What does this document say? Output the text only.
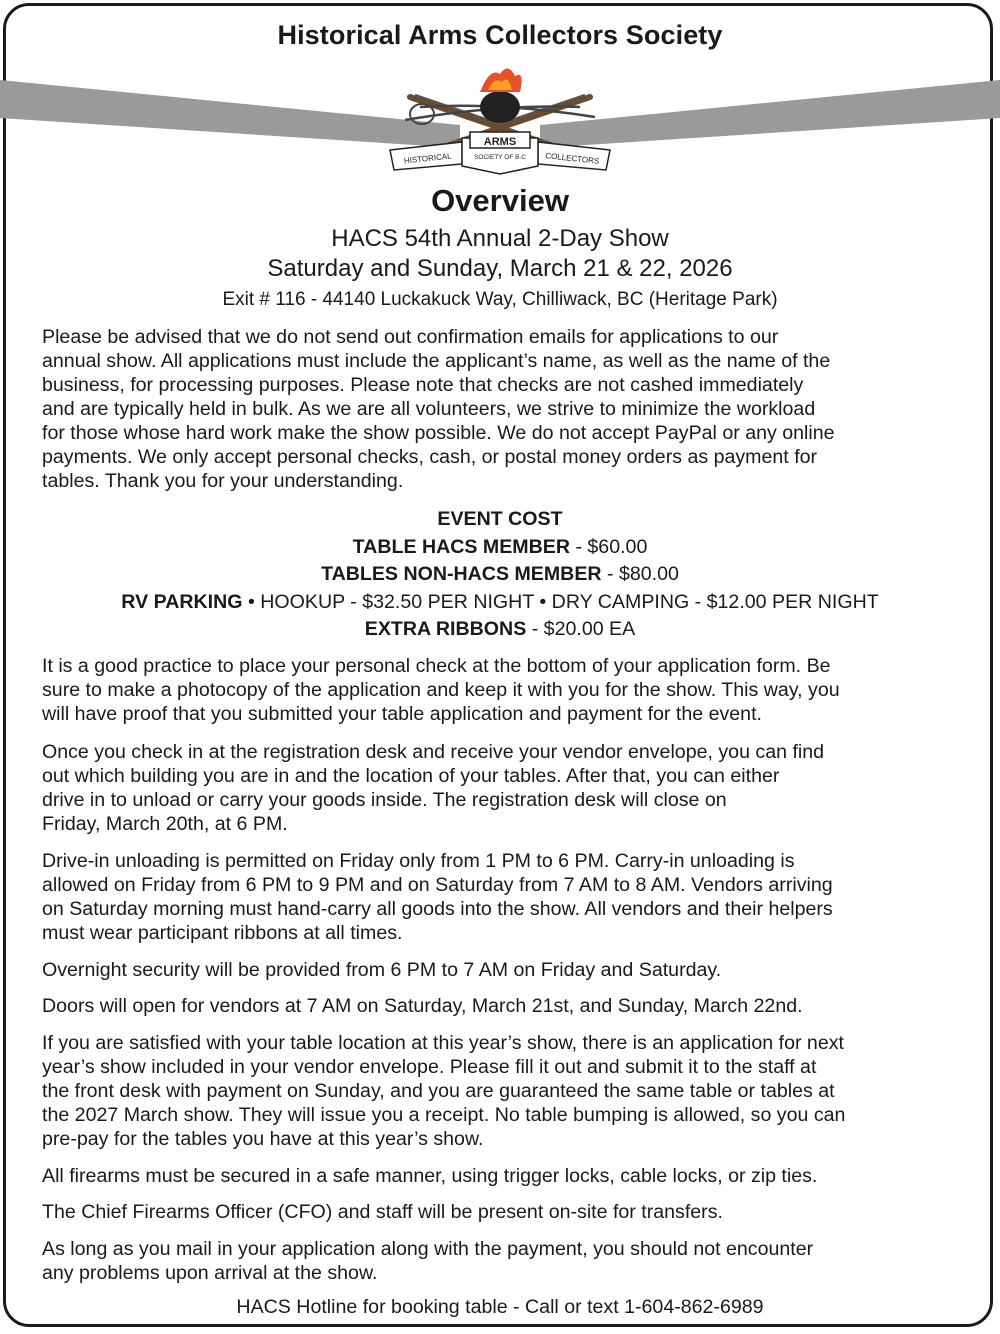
Historical Arms Collectors Society
ARMS
HISTORICAL	COLLECTORS
SOCIETY OF B.C
Overview
HACS 54th Annual 2-Day Show
Saturday and Sunday, March 21 & 22, 2026
Exit # 116 - 44140 Luckakuck Way, Chilliwack, BC (Heritage Park)

Please be advised that we do not send out confirmation emails for applications to our
annual show. All applications must include the applicant’s name, as well as the name of the
business, for processing purposes. Please note that checks are not cashed immediately
and are typically held in bulk. As we are all volunteers, we strive to minimize the workload
for those whose hard work make the show possible. We do not accept PayPal or any online
payments. We only accept personal checks, cash, or postal money orders as payment for
tables. Thank you for your understanding.

EVENT COST
TABLE HACS MEMBER - $60.00
TABLES NON-HACS MEMBER - $80.00
RV PARKING • HOOKUP - $32.50 PER NIGHT • DRY CAMPING - $12.00 PER NIGHT
EXTRA RIBBONS - $20.00 EA

It is a good practice to place your personal check at the bottom of your application form. Be
sure to make a photocopy of the application and keep it with you for the show. This way, you
will have proof that you submitted your table application and payment for the event.

Once you check in at the registration desk and receive your vendor envelope, you can find
out which building you are in and the location of your tables. After that, you can either
drive in to unload or carry your goods inside. The registration desk will close on
Friday, March 20th, at 6 PM.

Drive-in unloading is permitted on Friday only from 1 PM to 6 PM. Carry-in unloading is
allowed on Friday from 6 PM to 9 PM and on Saturday from 7 AM to 8 AM. Vendors arriving
on Saturday morning must hand-carry all goods into the show. All vendors and their helpers
must wear participant ribbons at all times.

Overnight security will be provided from 6 PM to 7 AM on Friday and Saturday.

Doors will open for vendors at 7 AM on Saturday, March 21st, and Sunday, March 22nd.

If you are satisfied with your table location at this year’s show, there is an application for next
year’s show included in your vendor envelope. Please fill it out and submit it to the staff at
the front desk with payment on Sunday, and you are guaranteed the same table or tables at
the 2027 March show. They will issue you a receipt. No table bumping is allowed, so you can
pre-pay for the tables you have at this year’s show.

All firearms must be secured in a safe manner, using trigger locks, cable locks, or zip ties.

The Chief Firearms Officer (CFO) and staff will be present on-site for transfers.

As long as you mail in your application along with the payment, you should not encounter
any problems upon arrival at the show.

HACS Hotline for booking table - Call or text 1-604-862-6989
